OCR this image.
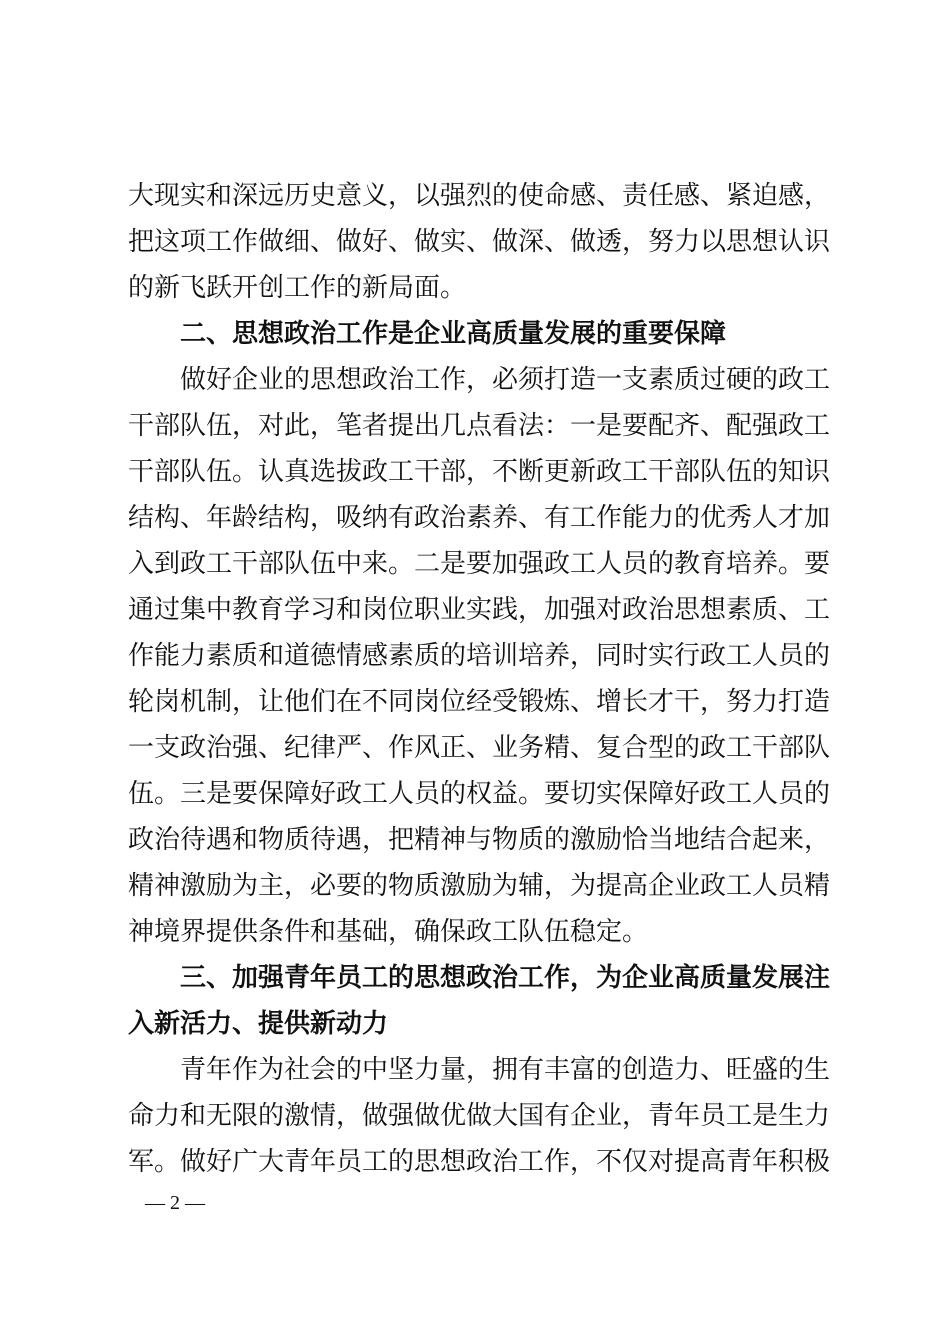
大现实和深远历史意义，以强烈的使命感、责任感、紧迫感，
把这项工作做细、做好、做实、做深、做透，努力以思想认识
的新飞跃开创工作的新局面。
二、思想政治工作是企业高质量发展的重要保障
做好企业的思想政治工作，必须打造一支素质过硬的政工
干部队伍，对此，笔者提出几点看法：一是要配齐、配强政工
干部队伍。认真选拔政工干部，不断更新政工干部队伍的知识
结构、年龄结构，吸纳有政治素养、有工作能力的优秀人才加
入到政工干部队伍中来。二是要加强政工人员的教育培养。要
通过集中教育学习和岗位职业实践，加强对政治思想素质、工
作能力素质和道德情感素质的培训培养，同时实行政工人员的
轮岗机制，让他们在不同岗位经受锻炼、增长才干，努力打造
一支政治强、纪律严、作风正、业务精、复合型的政工干部队
伍。三是要保障好政工人员的权益。要切实保障好政工人员的
政治待遇和物质待遇，把精神与物质的激励恰当地结合起来，
精神激励为主，必要的物质激励为辅，为提高企业政工人员精
神境界提供条件和基础，确保政工队伍稳定。
三、加强青年员工的思想政治工作，为企业高质量发展注
入新活力、提供新动力
青年作为社会的中坚力量，拥有丰富的创造力、旺盛的生
命力和无限的激情，做强做优做大国有企业，青年员工是生力
军。做好广大青年员工的思想政治工作，不仅对提高青年积极
— 2 —
